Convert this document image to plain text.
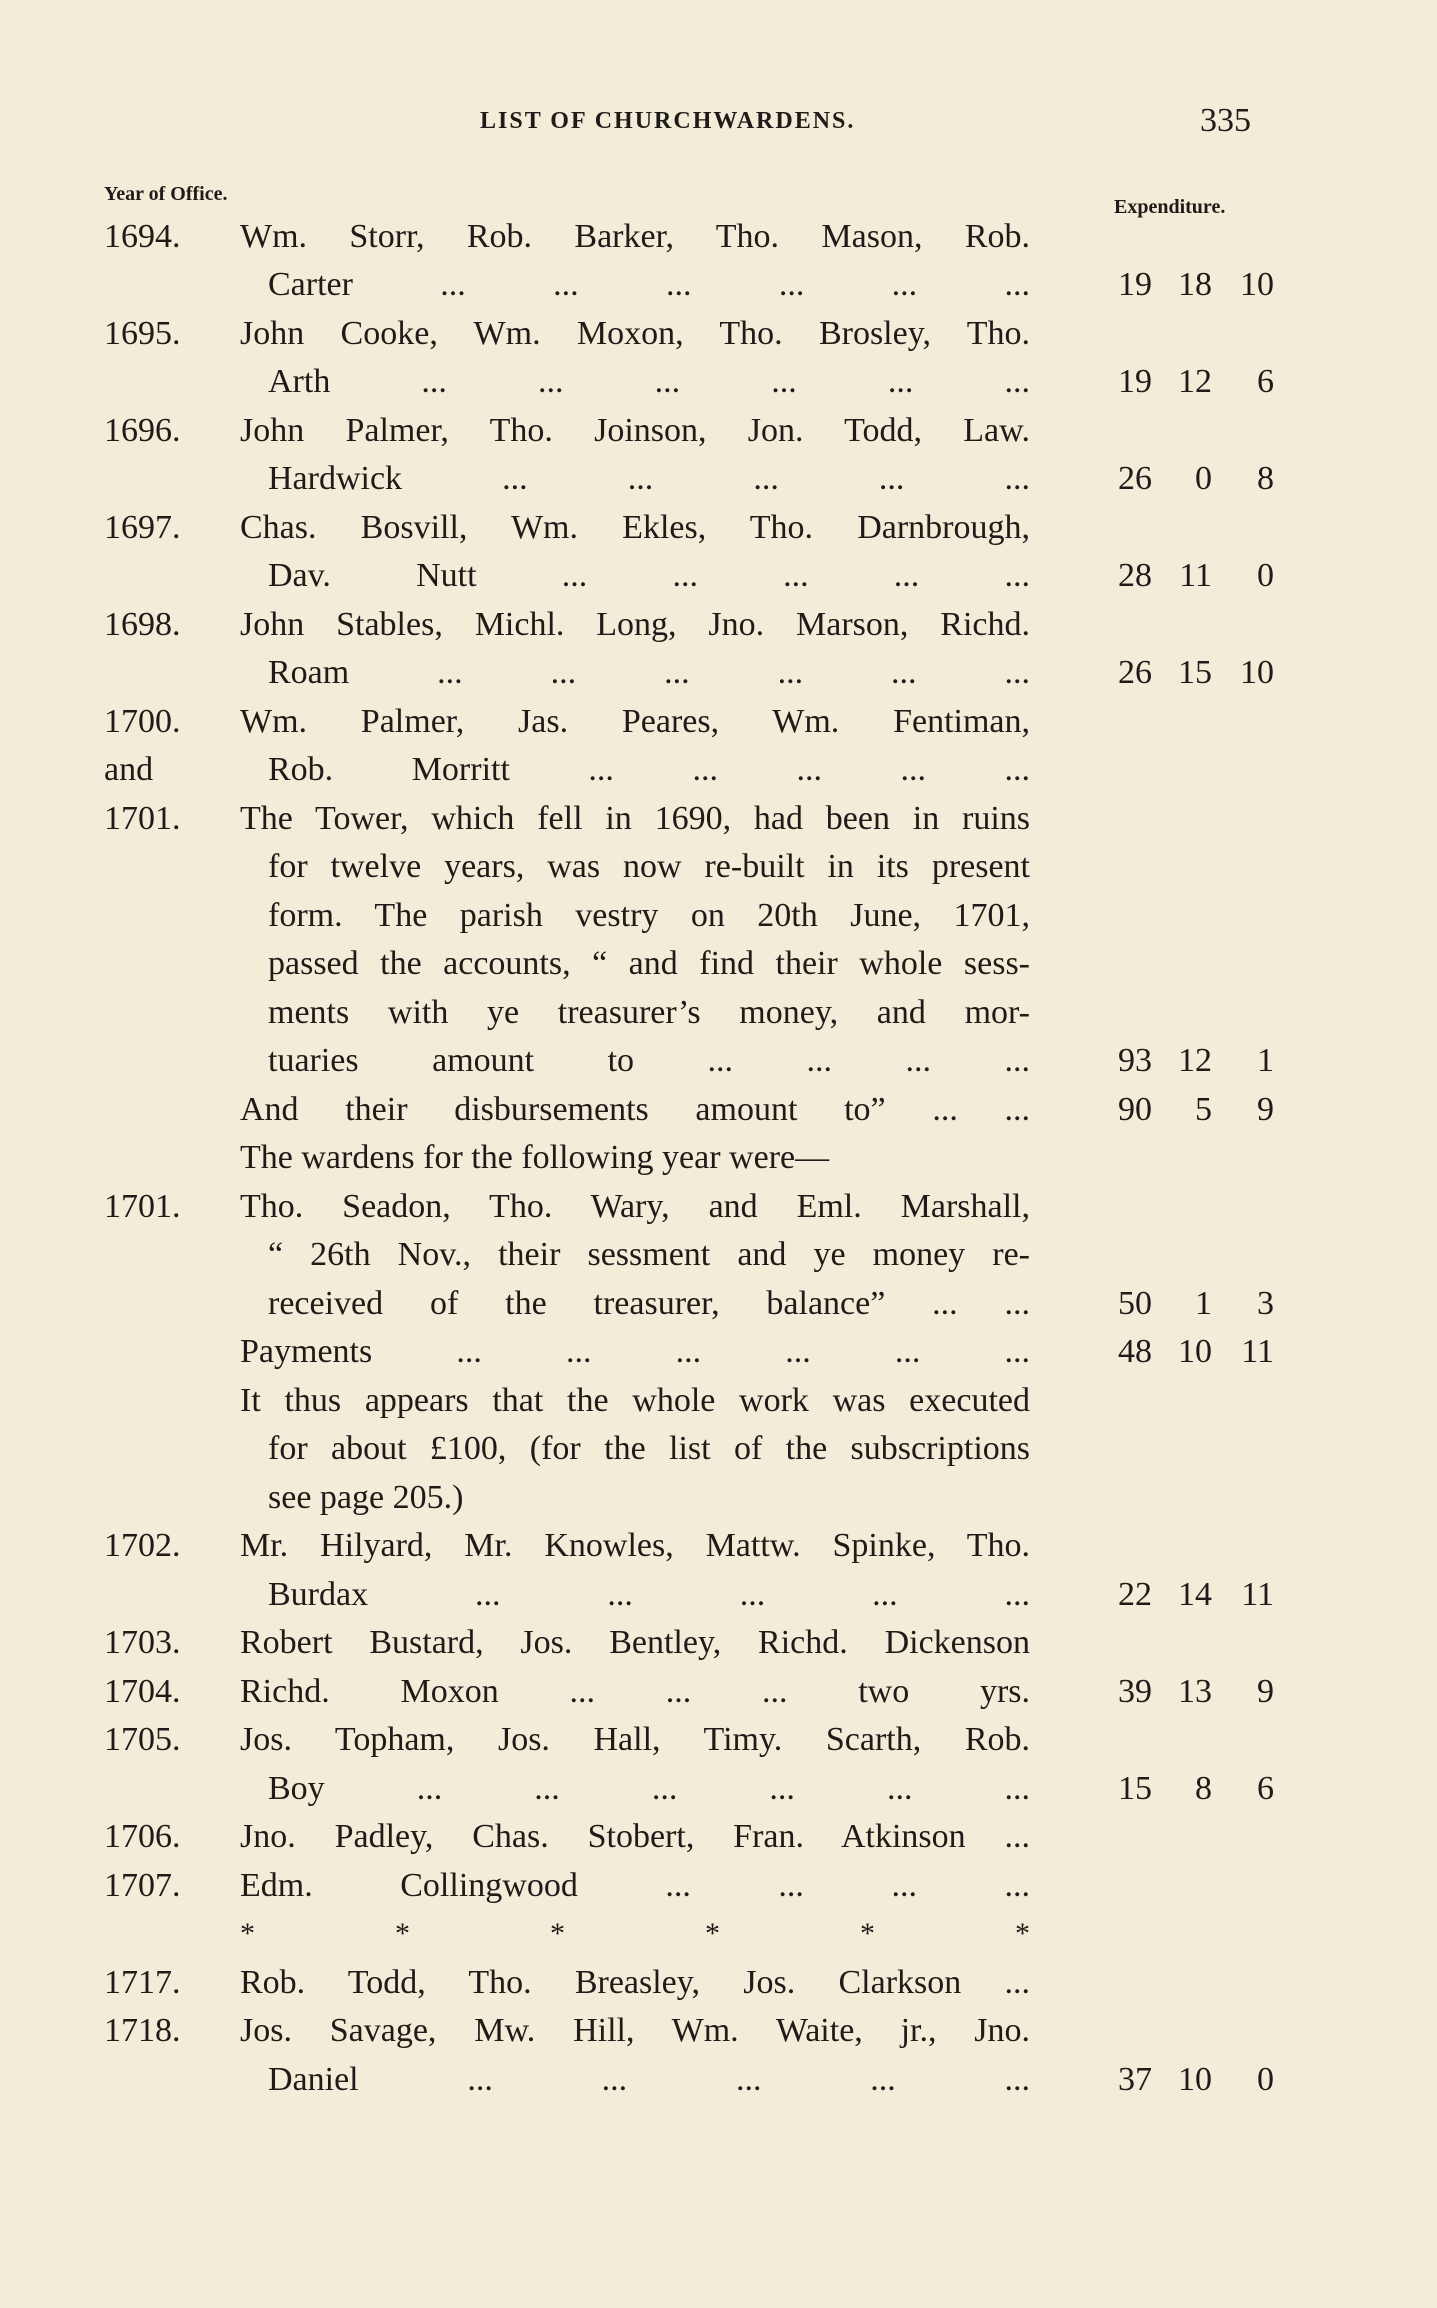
LIST OF CHURCHWARDENS.	335
Year of Office.
Expenditure.
1694. Wm. Storr, Rob. Barker, Tho. Mason, Rob.
Carter ... ... ... ... ... ...	19 18 10
1695. John Cooke, Wm. Moxon, Tho. Brosley, Tho.
Arth ... ... ... ... ... ...	19 12	6
1696. John Palmer, Tho. Joinson, Jon. Todd, Law.
Hardwick ... ... ... ... ...	26	0	8
1697. Chas. Bosvill, Wm. Ekles, Tho. Darnbrough,
Dav. Nutt ... ... ... ... ...	28 11	0
1698. John Stables, Michl. Long, Jno. Marson, Richd.
Roam ... ... ... ... ... ...	26 15 10
1700. Wm. Palmer, Jas. Peares, Wm. Fentiman,
and	Rob. Morritt ... ... ... ... ...
1701. The Tower, which fell in 1690, had been in ruins
for twelve years, was now re-built in its present
form. The parish vestry on 20th June, 1701,
passed the accounts, “ and find their whole sess-
ments with ye treasurer’s money, and mor-
tuaries amount to ... ... ... ...	93 12	1
And their disbursements amount to” ... ...	90	5	9
The wardens for the following year were—
1701. Tho. Seadon, Tho. Wary, and Eml. Marshall,
“ 26th Nov., their sessment and ye money re-
received of the treasurer, balance” ... ...	50	1	3
Payments ... ... ... ... ... ...	48 10 11
It thus appears that the whole work was executed
for about £100, (for the list of the subscriptions
see page 205.)
1702. Mr. Hilyard, Mr. Knowles, Mattw. Spinke, Tho.
Burdax ... ... ... ... ...	22 14 11
1703. Robert Bustard, Jos. Bentley, Richd. Dickenson
1704. Richd. Moxon ... ... ... two yrs.	39 13	9
1705. Jos. Topham, Jos. Hall, Timy. Scarth, Rob.
Boy ... ... ... ... ... ...	15	8	6
1706. Jno. Padley, Chas. Stobert, Fran. Atkinson ...
1707. Edm. Collingwood ... ... ... ...
* * * * * *
1717. Rob. Todd, Tho. Breasley, Jos. Clarkson ...
1718. Jos. Savage, Mw. Hill, Wm. Waite, jr., Jno.
Daniel ... ... ... ... ...	37 10	0
